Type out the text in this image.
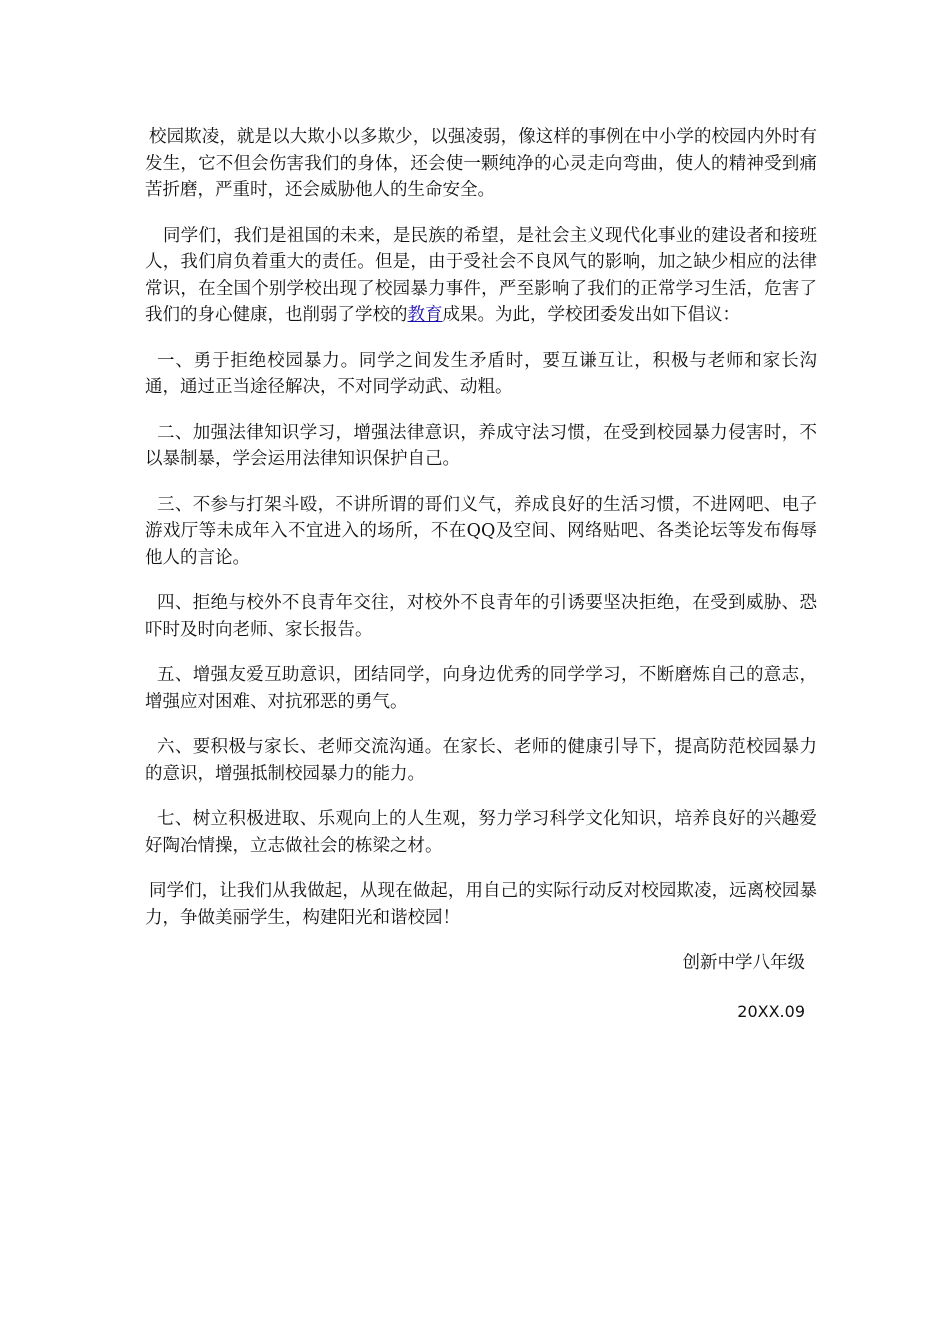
校园欺凌，就是以大欺小以多欺少，以强凌弱，像这样的事例在中小学的校园内外时有发生，它不但会伤害我们的身体，还会使一颗纯净的心灵走向弯曲，使人的精神受到痛苦折磨，严重时，还会威胁他人的生命安全。

同学们，我们是祖国的未来，是民族的希望，是社会主义现代化事业的建设者和接班人，我们肩负着重大的责任。但是，由于受社会不良风气的影响，加之缺少相应的法律常识，在全国个别学校出现了校园暴力事件，严至影响了我们的正常学习生活，危害了我们的身心健康，也削弱了学校的教育成果。为此，学校团委发出如下倡议：

一、勇于拒绝校园暴力。同学之间发生矛盾时，要互谦互让，积极与老师和家长沟通，通过正当途径解决，不对同学动武、动粗。

二、加强法律知识学习，增强法律意识，养成守法习惯，在受到校园暴力侵害时，不以暴制暴，学会运用法律知识保护自己。

三、不参与打架斗殴，不讲所谓的哥们义气，养成良好的生活习惯，不进网吧、电子游戏厅等未成年入不宜进入的场所，不在QQ及空间、网络贴吧、各类论坛等发布侮辱他人的言论。

四、拒绝与校外不良青年交往，对校外不良青年的引诱要坚决拒绝，在受到威胁、恐吓时及时向老师、家长报告。

五、增强友爱互助意识，团结同学，向身边优秀的同学学习，不断磨炼自己的意志，增强应对困难、对抗邪恶的勇气。

六、要积极与家长、老师交流沟通。在家长、老师的健康引导下，提高防范校园暴力的意识，增强抵制校园暴力的能力。

七、树立积极进取、乐观向上的人生观，努力学习科学文化知识，培养良好的兴趣爱好陶冶情操，立志做社会的栋梁之材。

同学们，让我们从我做起，从现在做起，用自己的实际行动反对校园欺凌，远离校园暴力，争做美丽学生，构建阳光和谐校园！

创新中学八年级

20XX.09
